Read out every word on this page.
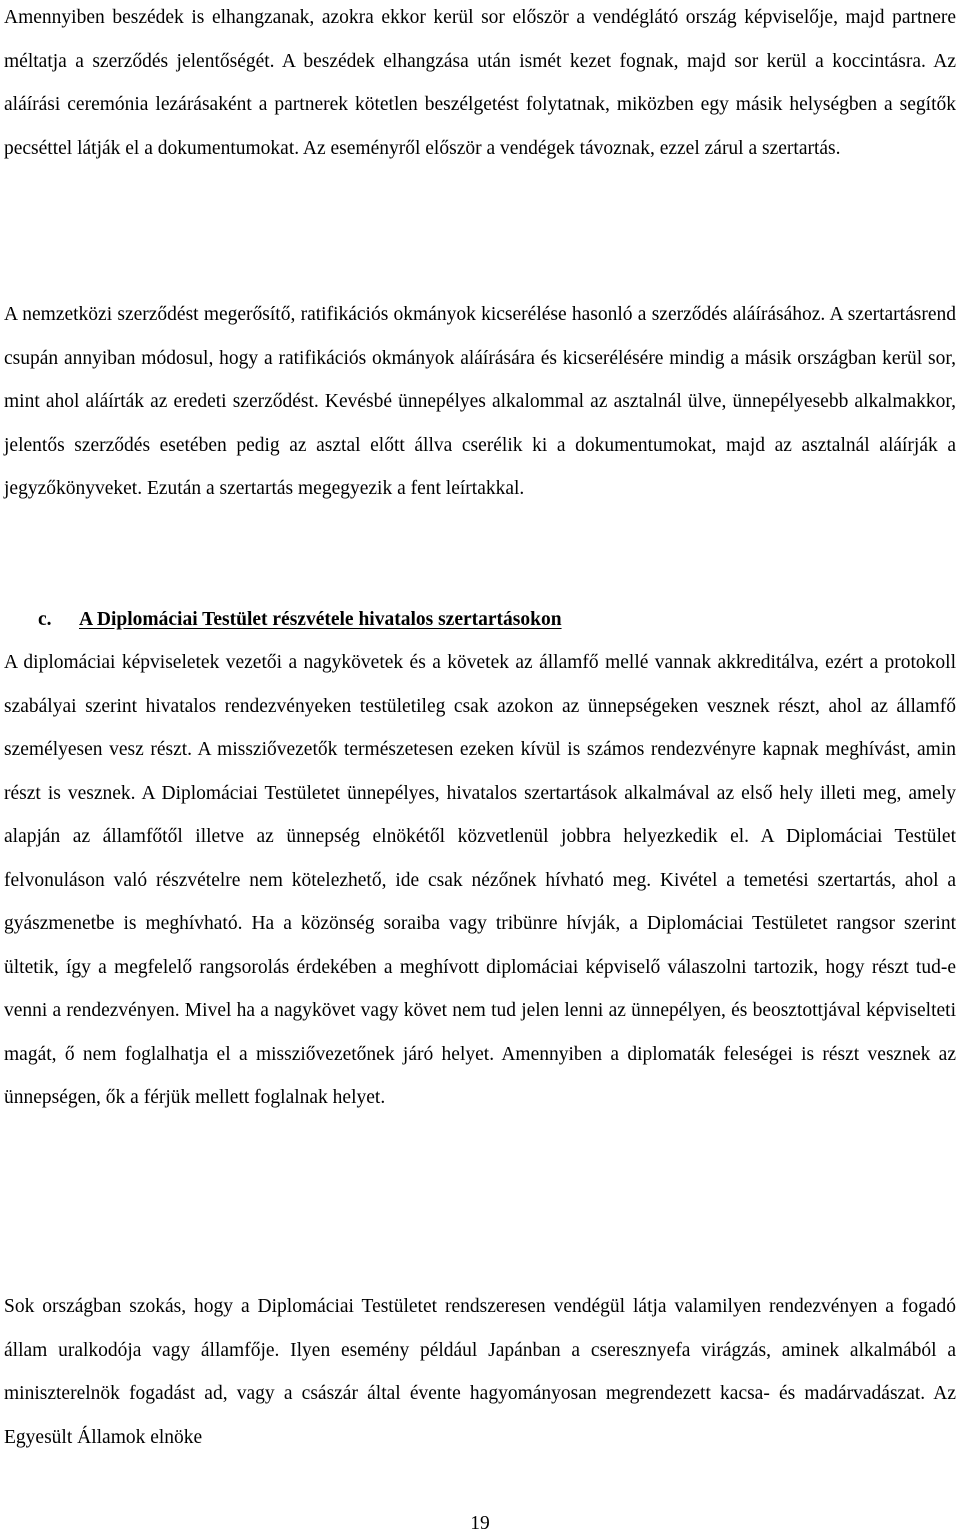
Amennyiben beszédek is elhangzanak, azokra ekkor kerül sor először a vendéglátó ország képviselője, majd partnere méltatja a szerződés jelentőségét. A beszédek elhangzása után ismét kezet fognak, majd sor kerül a koccintásra. Az aláírási ceremónia lezárásaként a partnerek kötetlen beszélgetést folytatnak, miközben egy másik helységben a segítők pecséttel látják el a dokumentumokat. Az eseményről először a vendégek távoznak, ezzel zárul a szertartás.

A nemzetközi szerződést megerősítő, ratifikációs okmányok kicserélése hasonló a szerződés aláírásához. A szertartásrend csupán annyiban módosul, hogy a ratifikációs okmányok aláírására és kicserélésére mindig a másik országban kerül sor, mint ahol aláírták az eredeti szerződést. Kevésbé ünnepélyes alkalommal az asztalnál ülve, ünnepélyesebb alkalmakkor, jelentős szerződés esetében pedig az asztal előtt állva cserélik ki a dokumentumokat, majd az asztalnál aláírják a jegyzőkönyveket. Ezután a szertartás megegyezik a fent leírtakkal.

c. A Diplomáciai Testület részvétele hivatalos szertartásokon

A diplomáciai képviseletek vezetői a nagykövetek és a követek az államfő mellé vannak akkreditálva, ezért a protokoll szabályai szerint hivatalos rendezvényeken testületileg csak azokon az ünnepségeken vesznek részt, ahol az államfő személyesen vesz részt. A missziővezetők természetesen ezeken kívül is számos rendezvényre kapnak meghívást, amin részt is vesznek. A Diplomáciai Testületet ünnepélyes, hivatalos szertartások alkalmával az első hely illeti meg, amely alapján az államfőtől illetve az ünnepség elnökétől közvetlenül jobbra helyezkedik el. A Diplomáciai Testület felvonuláson való részvételre nem kötelezhető, ide csak nézőnek hívható meg. Kivétel a temetési szertartás, ahol a gyászmenetbe is meghívható. Ha a közönség soraiba vagy tribünre hívják, a Diplomáciai Testületet rangsor szerint ültetik, így a megfelelő rangsorolás érdekében a meghívott diplomáciai képviselő válaszolni tartozik, hogy részt tud-e venni a rendezvényen. Mivel ha a nagykövet vagy követ nem tud jelen lenni az ünnepélyen, és beosztottjával képviselteti magát, ő nem foglalhatja el a missziővezetőnek járó helyet. Amennyiben a diplomaták feleségei is részt vesznek az ünnepségen, ők a férjük mellett foglalnak helyet.

Sok országban szokás, hogy a Diplomáciai Testületet rendszeresen vendégül látja valamilyen rendezvényen a fogadó állam uralkodója vagy államfője. Ilyen esemény például Japánban a cseresznyefa virágzás, aminek alkalmából a miniszterelnök fogadást ad, vagy a császár által évente hagyományosan megrendezett kacsa- és madárvadászat. Az Egyesült Államok elnöke

19
